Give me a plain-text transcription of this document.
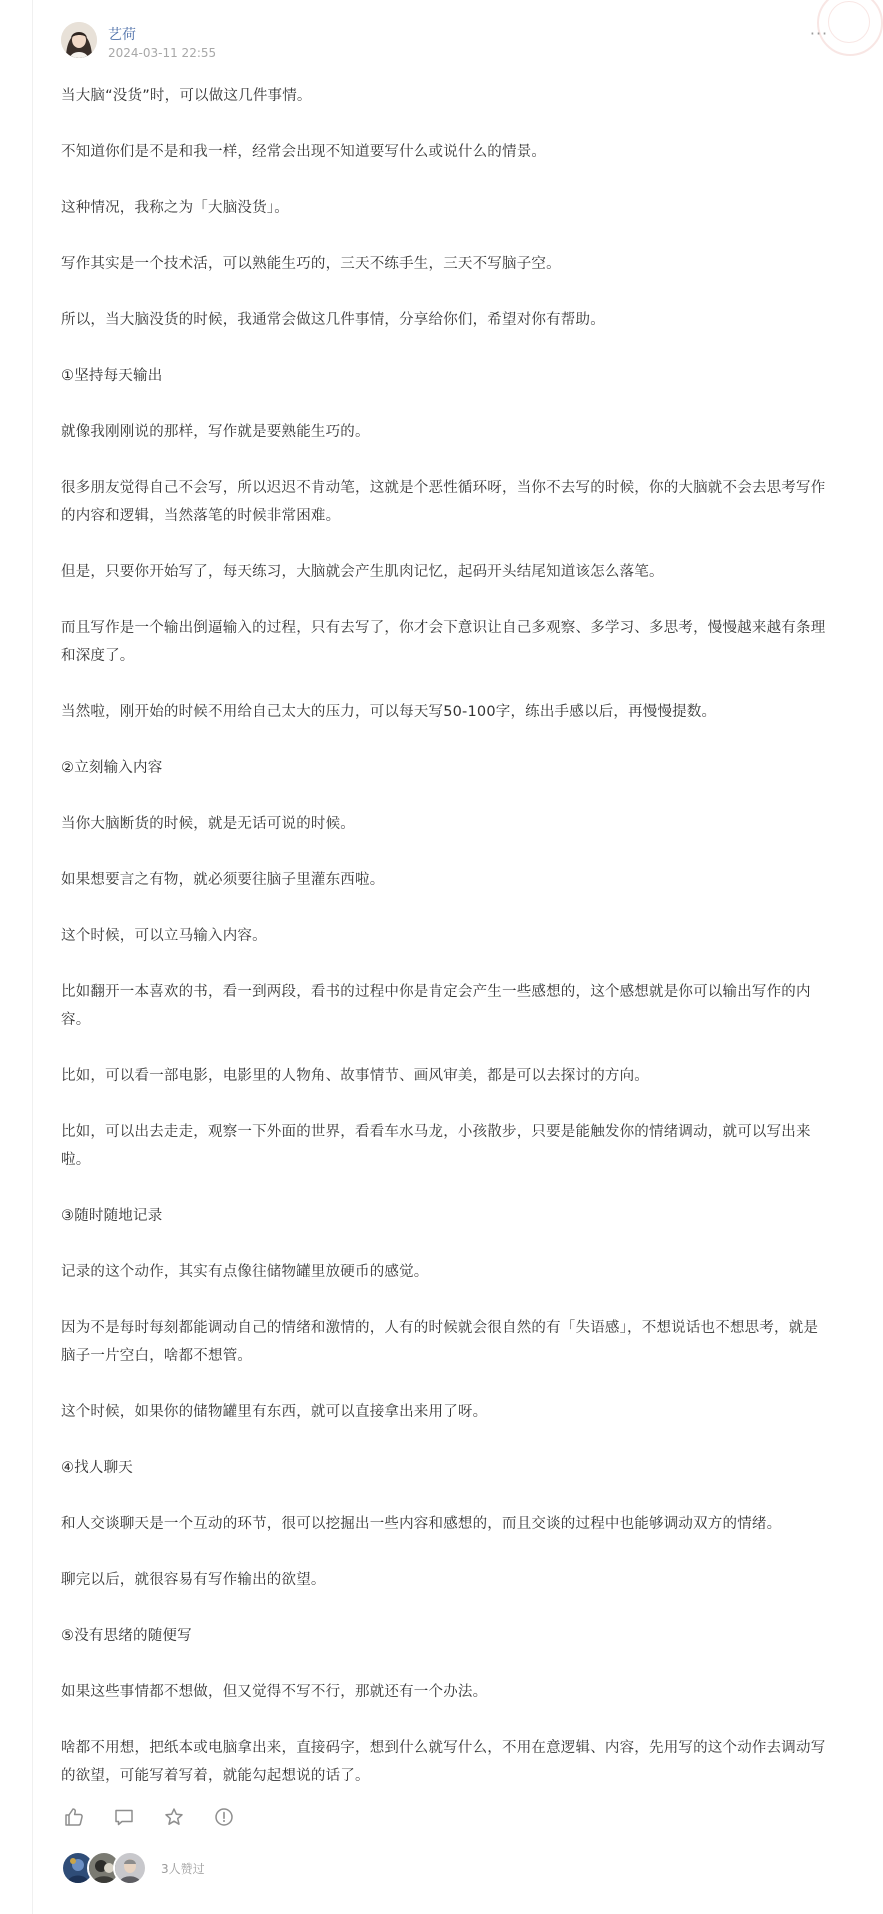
艺荷
2024-03-11 22:55
···

当大脑“没货”时，可以做这几件事情。

不知道你们是不是和我一样，经常会出现不知道要写什么或说什么的情景。

这种情况，我称之为「大脑没货」。

写作其实是一个技术活，可以熟能生巧的，三天不练手生，三天不写脑子空。

所以，当大脑没货的时候，我通常会做这几件事情，分享给你们，希望对你有帮助。

①坚持每天输出

就像我刚刚说的那样，写作就是要熟能生巧的。

很多朋友觉得自己不会写，所以迟迟不肯动笔，这就是个恶性循环呀，当你不去写的时候，你的大脑就不会去思考写作的内容和逻辑，当然落笔的时候非常困难。

但是，只要你开始写了，每天练习，大脑就会产生肌肉记忆，起码开头结尾知道该怎么落笔。

而且写作是一个输出倒逼输入的过程，只有去写了，你才会下意识让自己多观察、多学习、多思考，慢慢越来越有条理和深度了。

当然啦，刚开始的时候不用给自己太大的压力，可以每天写50-100字，练出手感以后，再慢慢提数。

②立刻输入内容

当你大脑断货的时候，就是无话可说的时候。

如果想要言之有物，就必须要往脑子里灌东西啦。

这个时候，可以立马输入内容。

比如翻开一本喜欢的书，看一到两段，看书的过程中你是肯定会产生一些感想的，这个感想就是你可以输出写作的内容。

比如，可以看一部电影，电影里的人物角、故事情节、画风审美，都是可以去探讨的方向。

比如，可以出去走走，观察一下外面的世界，看看车水马龙，小孩散步，只要是能触发你的情绪调动，就可以写出来啦。

③随时随地记录

记录的这个动作，其实有点像往储物罐里放硬币的感觉。

因为不是每时每刻都能调动自己的情绪和激情的，人有的时候就会很自然的有「失语感」，不想说话也不想思考，就是脑子一片空白，啥都不想管。

这个时候，如果你的储物罐里有东西，就可以直接拿出来用了呀。

④找人聊天

和人交谈聊天是一个互动的环节，很可以挖掘出一些内容和感想的，而且交谈的过程中也能够调动双方的情绪。

聊完以后，就很容易有写作输出的欲望。

⑤没有思绪的随便写

如果这些事情都不想做，但又觉得不写不行，那就还有一个办法。

啥都不用想，把纸本或电脑拿出来，直接码字，想到什么就写什么，不用在意逻辑、内容，先用写的这个动作去调动写的欲望，可能写着写着，就能勾起想说的话了。

3人赞过
